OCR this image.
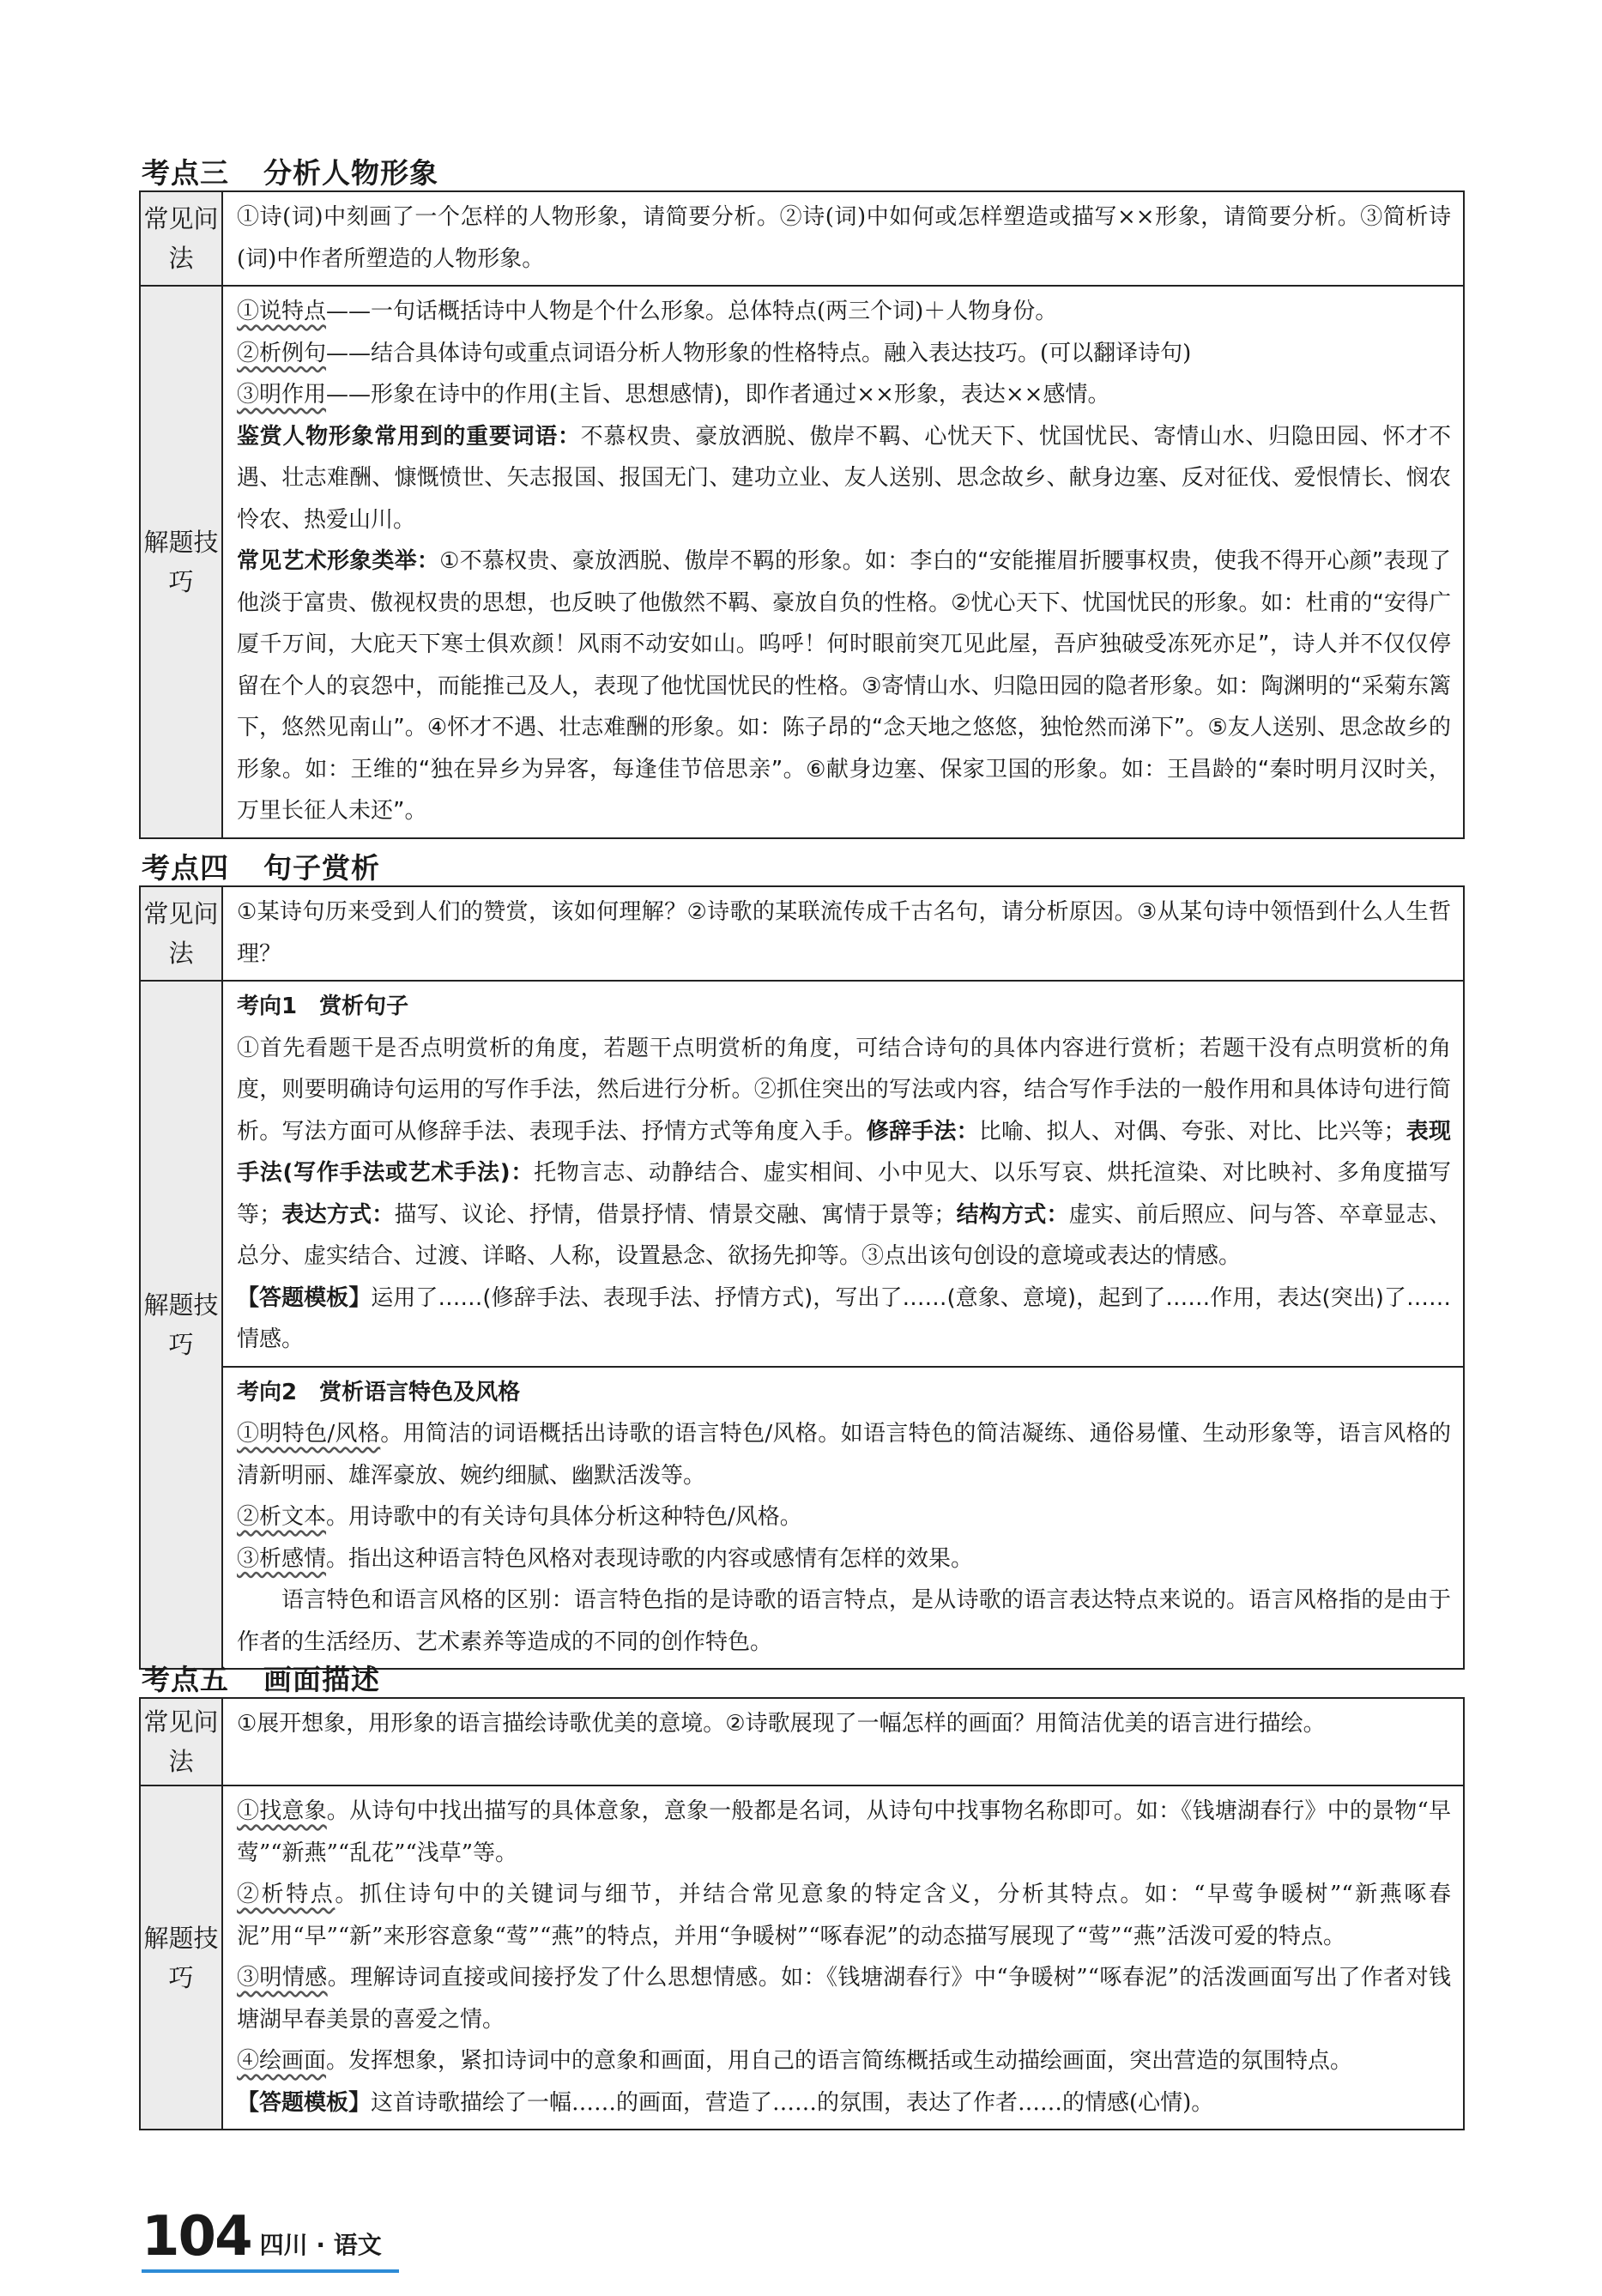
考点三 分析人物形象
常见问法	①诗(词)中刻画了一个怎样的人物形象，请简要分析。②诗(词)中如何或怎样塑造或描写××形象，请简要分析。③简析诗(词)中作者所塑造的人物形象。

解题技巧	①说特点——一句话概括诗中人物是个什么形象。总体特点(两三个词)＋人物身份。

②析例句——结合具体诗句或重点词语分析人物形象的性格特点。融入表达技巧。(可以翻译诗句)

③明作用——形象在诗中的作用(主旨、思想感情)，即作者通过××形象，表达××感情。

鉴赏人物形象常用到的重要词语：不慕权贵、豪放洒脱、傲岸不羁、心忧天下、忧国忧民、寄情山水、归隐田园、怀才不遇、壮志难酬、慷慨愤世、矢志报国、报国无门、建功立业、友人送别、思念故乡、献身边塞、反对征伐、爱恨情长、悯农怜农、热爱山川。

常见艺术形象类举：①不慕权贵、豪放洒脱、傲岸不羁的形象。如：李白的“安能摧眉折腰事权贵，使我不得开心颜”表现了他淡于富贵、傲视权贵的思想，也反映了他傲然不羁、豪放自负的性格。②忧心天下、忧国忧民的形象。如：杜甫的“安得广厦千万间，大庇天下寒士俱欢颜！风雨不动安如山。呜呼！何时眼前突兀见此屋，吾庐独破受冻死亦足”，诗人并不仅仅停留在个人的哀怨中，而能推己及人，表现了他忧国忧民的性格。③寄情山水、归隐田园的隐者形象。如：陶渊明的“采菊东篱下，悠然见南山”。④怀才不遇、壮志难酬的形象。如：陈子昂的“念天地之悠悠，独怆然而涕下”。⑤友人送别、思念故乡的形象。如：王维的“独在异乡为异客，每逢佳节倍思亲”。⑥献身边塞、保家卫国的形象。如：王昌龄的“秦时明月汉时关，万里长征人未还”。

考点四 句子赏析
常见问法	①某诗句历来受到人们的赞赏，该如何理解？②诗歌的某联流传成千古名句，请分析原因。③从某句诗中领悟到什么人生哲理？

解题技巧	考向1　赏析句子

①首先看题干是否点明赏析的角度，若题干点明赏析的角度，可结合诗句的具体内容进行赏析；若题干没有点明赏析的角度，则要明确诗句运用的写作手法，然后进行分析。②抓住突出的写法或内容，结合写作手法的一般作用和具体诗句进行简析。写法方面可从修辞手法、表现手法、抒情方式等角度入手。修辞手法：比喻、拟人、对偶、夸张、对比、比兴等；表现手法(写作手法或艺术手法)：托物言志、动静结合、虚实相间、小中见大、以乐写哀、烘托渲染、对比映衬、多角度描写等；表达方式：描写、议论、抒情，借景抒情、情景交融、寓情于景等；结构方式：虚实、前后照应、问与答、卒章显志、总分、虚实结合、过渡、详略、人称，设置悬念、欲扬先抑等。③点出该句创设的意境或表达的情感。

【答题模板】运用了……(修辞手法、表现手法、抒情方式)，写出了……(意象、意境)，起到了……作用，表达(突出)了……情感。

	考向2　赏析语言特色及风格

①明特色/风格。用简洁的词语概括出诗歌的语言特色/风格。如语言特色的简洁凝练、通俗易懂、生动形象等，语言风格的清新明丽、雄浑豪放、婉约细腻、幽默活泼等。

②析文本。用诗歌中的有关诗句具体分析这种特色/风格。

③析感情。指出这种语言特色风格对表现诗歌的内容或感情有怎样的效果。

语言特色和语言风格的区别：语言特色指的是诗歌的语言特点，是从诗歌的语言表达特点来说的。语言风格指的是由于作者的生活经历、艺术素养等造成的不同的创作特色。

考点五 画面描述
常见问法	①展开想象，用形象的语言描绘诗歌优美的意境。②诗歌展现了一幅怎样的画面？用简洁优美的语言进行描绘。

解题技巧	①找意象。从诗句中找出描写的具体意象，意象一般都是名词，从诗句中找事物名称即可。如：《钱塘湖春行》中的景物“早莺”“新燕”“乱花”“浅草”等。

②析特点。抓住诗句中的关键词与细节，并结合常见意象的特定含义，分析其特点。如：“早莺争暖树”“新燕啄春泥”用“早”“新”来形容意象“莺”“燕”的特点，并用“争暖树”“啄春泥”的动态描写展现了“莺”“燕”活泼可爱的特点。

③明情感。理解诗词直接或间接抒发了什么思想情感。如：《钱塘湖春行》中“争暖树”“啄春泥”的活泼画面写出了作者对钱塘湖早春美景的喜爱之情。

④绘画面。发挥想象，紧扣诗词中的意象和画面，用自己的语言简练概括或生动描绘画面，突出营造的氛围特点。

【答题模板】这首诗歌描绘了一幅……的画面，营造了……的氛围，表达了作者……的情感(心情)。

104 四川 · 语文
